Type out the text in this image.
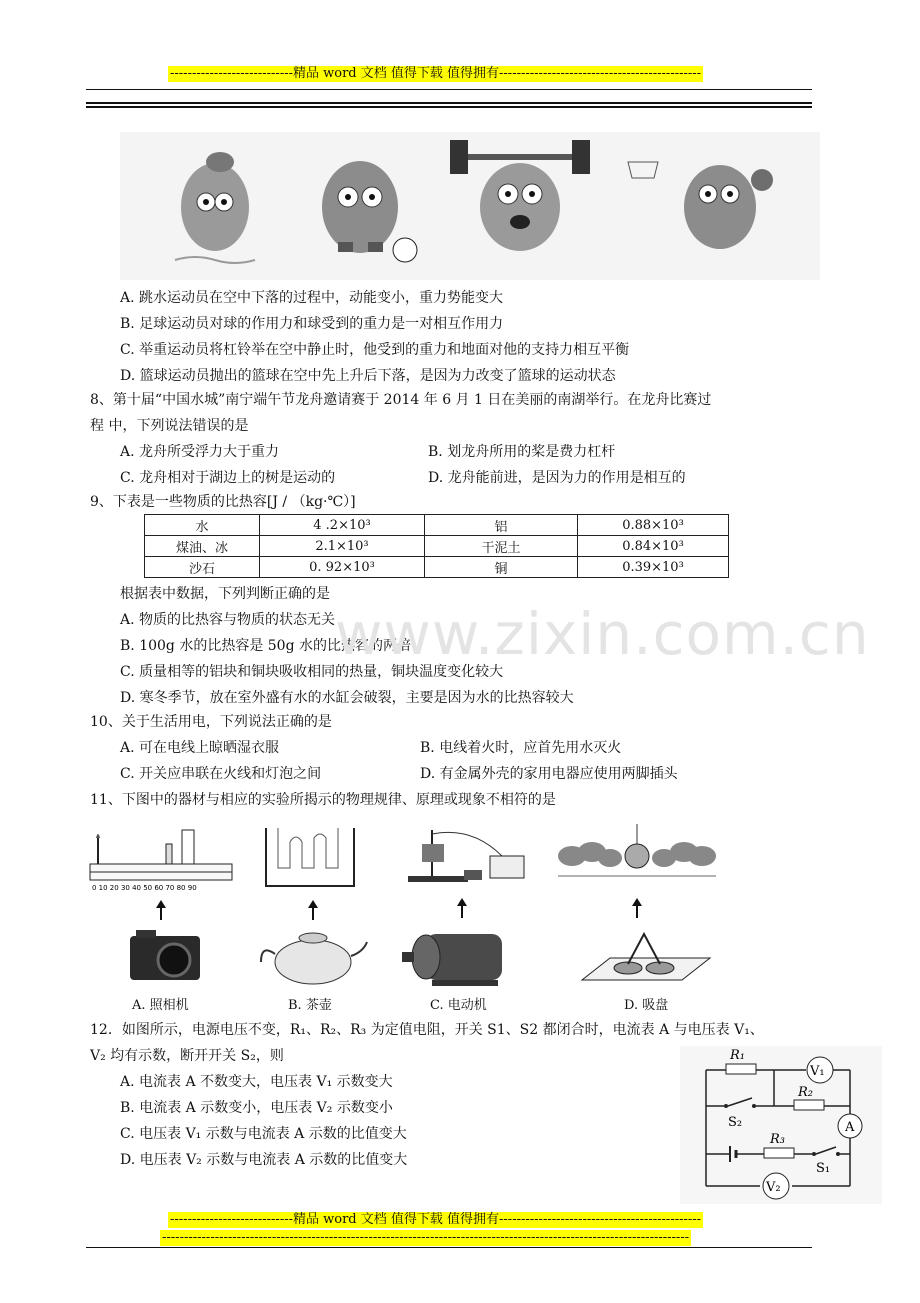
----------------------------精品 word 文档 值得下载 值得拥有----------------------------------------------
A. 跳水运动员在空中下落的过程中，动能变小，重力势能变大
B. 足球运动员对球的作用力和球受到的重力是一对相互作用力
C. 举重运动员将杠铃举在空中静止时，他受到的重力和地面对他的支持力相互平衡
D. 篮球运动员抛出的篮球在空中先上升后下落，是因为力改变了篮球的运动状态
8、第十届“中国水城”南宁端午节龙舟邀请赛于 2014 年 6 月 1 日在美丽的南湖举行。在龙舟比赛过
程 中，下列说法错误的是
A. 龙舟所受浮力大于重力	B. 划龙舟所用的桨是费力杠杆
C. 龙舟相对于湖边上的树是运动的	D. 龙舟能前进，是因为力的作用是相互的
9、下表是一些物质的比热容[J / （kg·℃）]
水	4 .2×10³	铝	0.88×10³
煤油、冰	2.1×10³	干泥土	0.84×10³
沙石	0. 92×10³	铜	0.39×10³
根据表中数据，下列判断正确的是
A. 物质的比热容与物质的状态无关
B. 100g 水的比热容是 50g 水的比热容的两倍
C. 质量相等的铝块和铜块吸收相同的热量，铜块温度变化较大
D. 寒冬季节，放在室外盛有水的水缸会破裂，主要是因为水的比热容较大
www.zixin.com.cn
10、关于生活用电，下列说法正确的是
A. 可在电线上晾晒湿衣服	B. 电线着火时，应首先用水灭火
C. 开关应串联在火线和灯泡之间	D. 有金属外壳的家用电器应使用两脚插头
11、下图中的器材与相应的实验所揭示的物理规律、原理或现象不相符的是
0 10 20 30 40 50 60 70 80 90
A. 照相机	B. 茶壶	C. 电动机	D. 吸盘
12．如图所示，电源电压不变，R₁、R₂、R₃ 为定值电阻，开关 S1、S2 都闭合时，电流表 A 与电压表 V₁、
V₂ 均有示数，断开开关 S₂，则
A. 电流表 A 不数变大，电压表 V₁ 示数变大
B. 电流表 A 示数变小，电压表 V₂ 示数变小
C. 电压表 V₁ 示数与电流表 A 示数的比值变大
D. 电压表 V₂ 示数与电流表 A 示数的比值变大
R₁
V₁
R₂
S₂	A
R₃
S₁
V₂
----------------------------精品 word 文档 值得下载 值得拥有----------------------------------------------
------------------------------------------------------------------------------------------------------------------------
